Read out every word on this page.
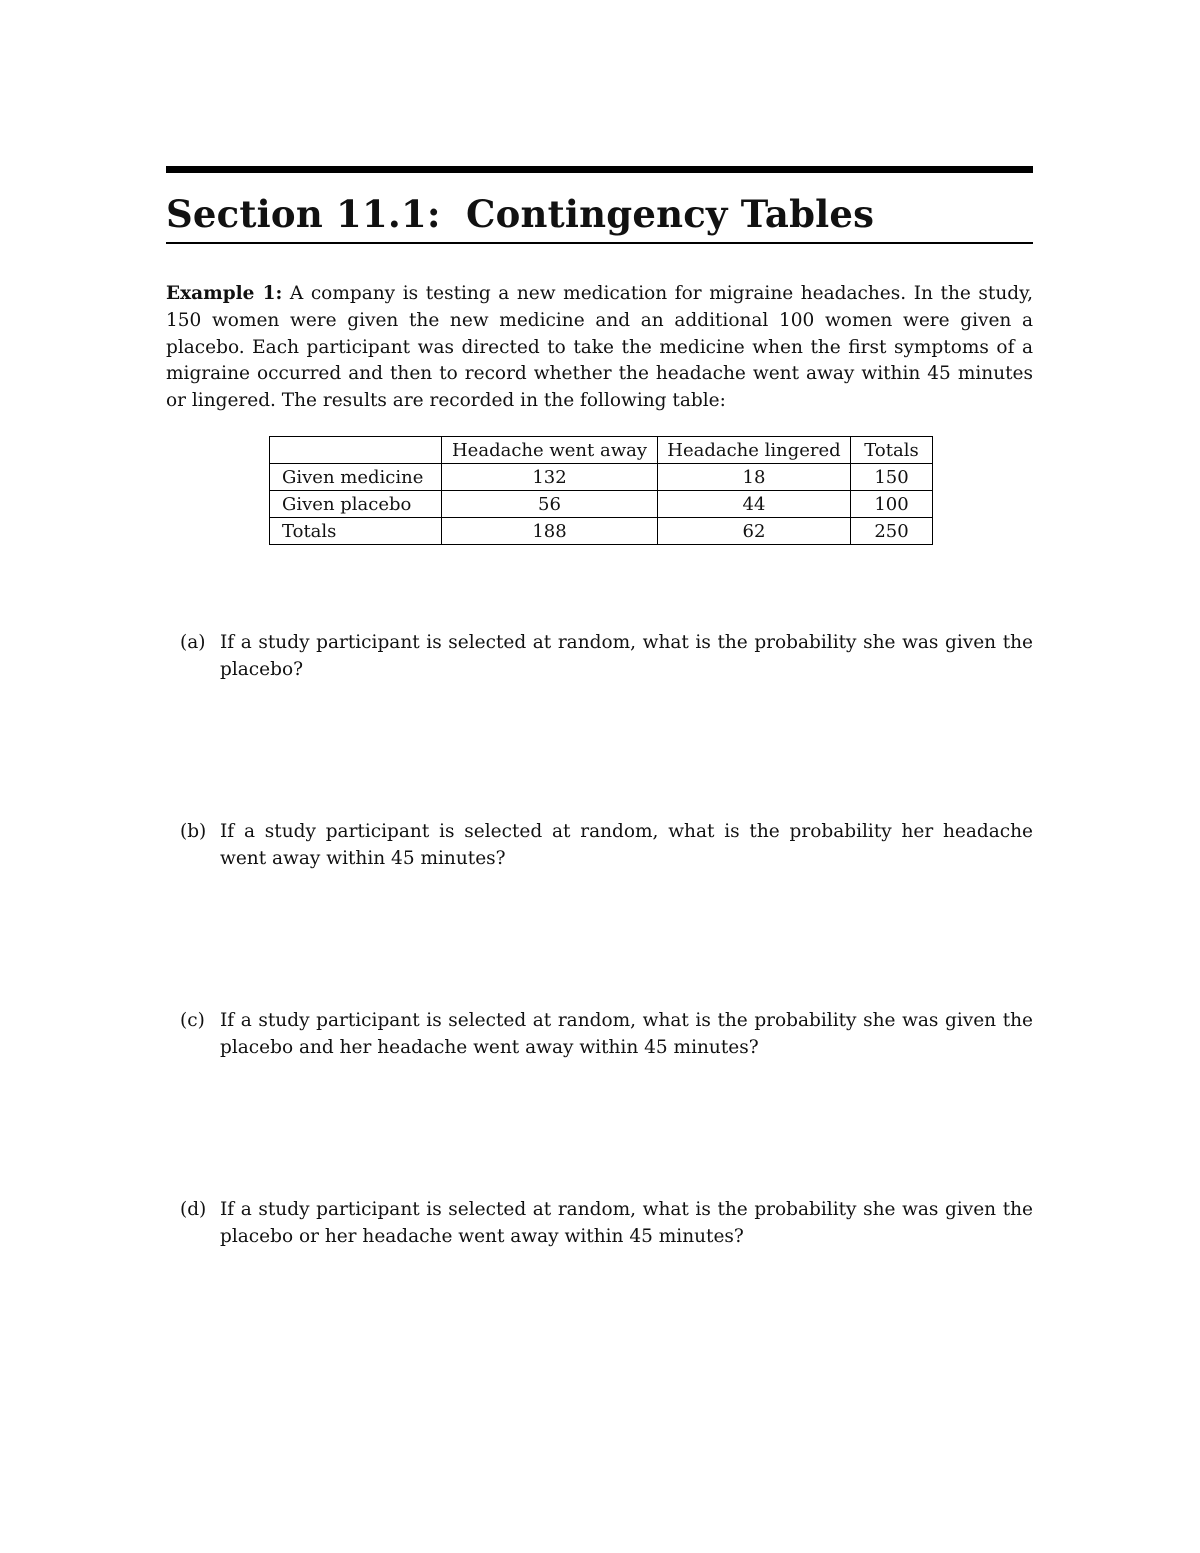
Section 11.1: Contingency Tables

Example 1: A company is testing a new medication for migraine headaches. In the study, 150 women were given the new medicine and an additional 100 women were given a placebo. Each participant was directed to take the medicine when the first symptoms of a migraine occurred and then to record whether the headache went away within 45 minutes or lingered. The results are recorded in the following table:

	Headache went away	Headache lingered	Totals
Given medicine	132	18	150
Given placebo	56	44	100
Totals	188	62	250
(a) If a study participant is selected at random, what is the probability she was given the placebo?
(b) If a study participant is selected at random, what is the probability her headache went away within 45 minutes?
(c) If a study participant is selected at random, what is the probability she was given the placebo and her headache went away within 45 minutes?
(d) If a study participant is selected at random, what is the probability she was given the placebo or her headache went away within 45 minutes?
